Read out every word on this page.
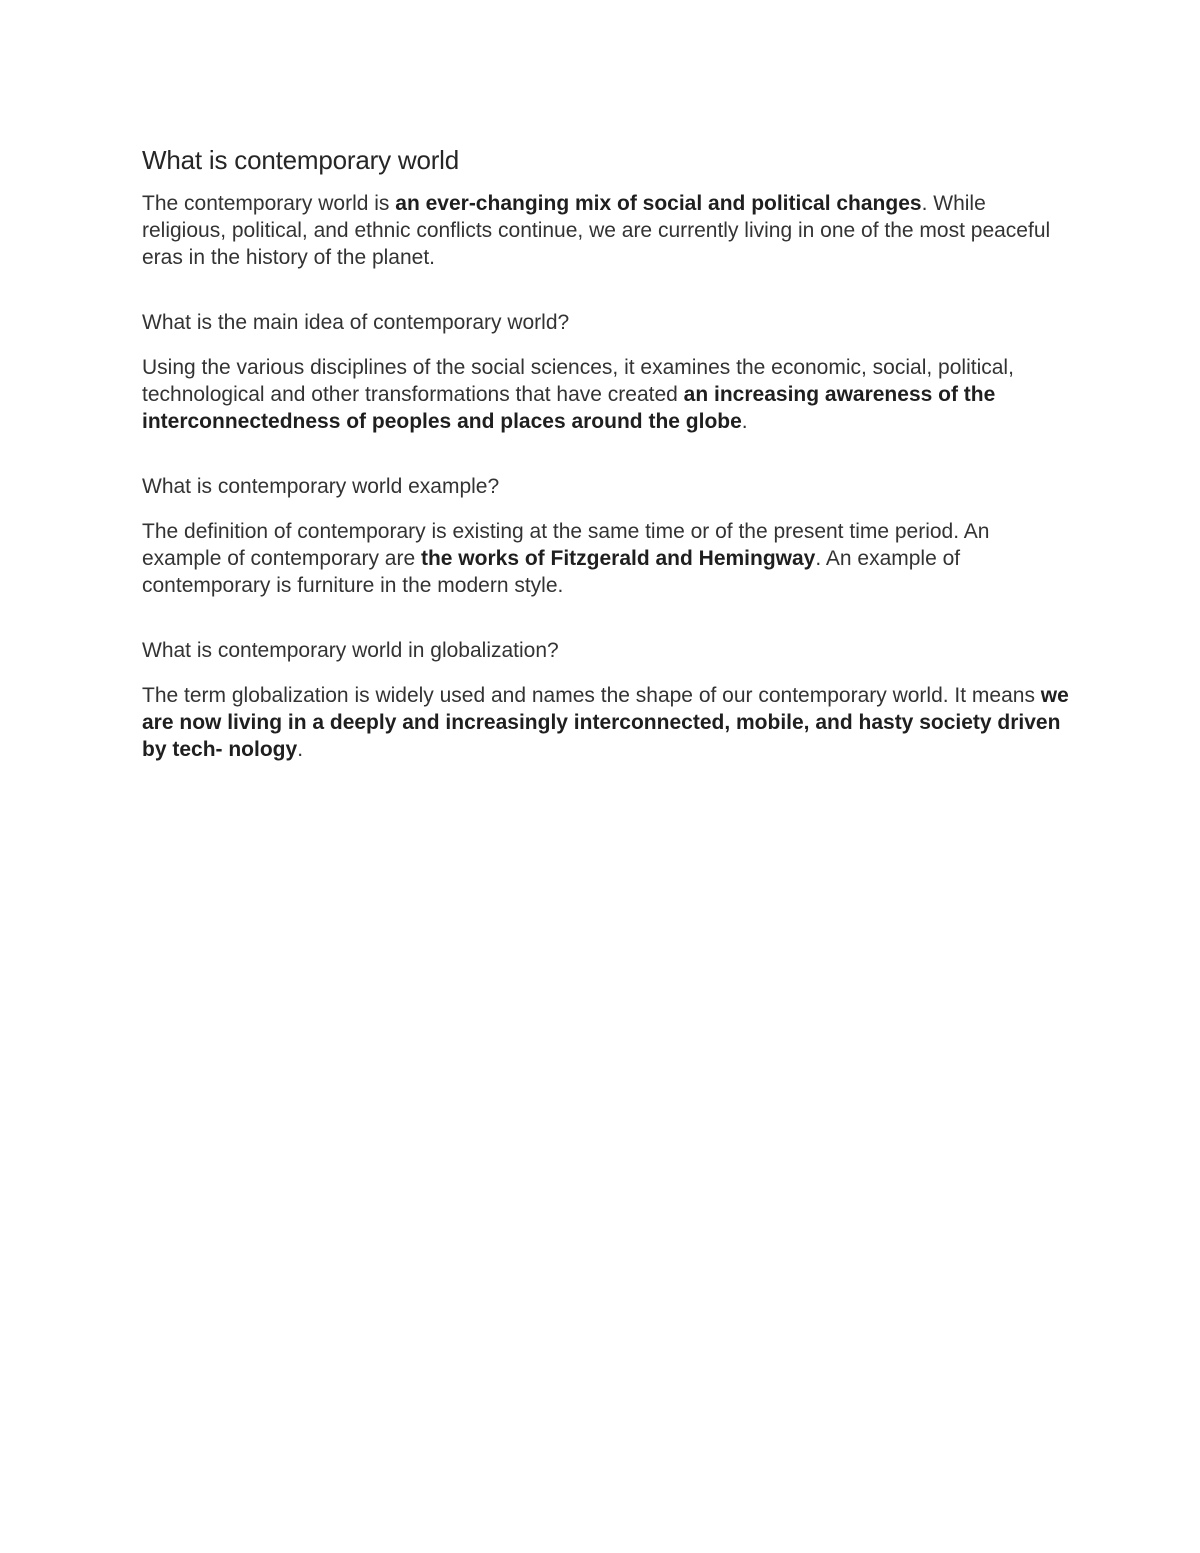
What is contemporary world

The contemporary world is an ever-changing mix of social and political changes. While religious, political, and ethnic conflicts continue, we are currently living in one of the most peaceful eras in the history of the planet.

What is the main idea of contemporary world?

Using the various disciplines of the social sciences, it examines the economic, social, political, technological and other transformations that have created an increasing awareness of the interconnectedness of peoples and places around the globe.

What is contemporary world example?

The definition of contemporary is existing at the same time or of the present time period. An example of contemporary are the works of Fitzgerald and Hemingway. An example of contemporary is furniture in the modern style.

What is contemporary world in globalization?

The term globalization is widely used and names the shape of our contemporary world. It means we are now living in a deeply and increasingly interconnected, mobile, and hasty society driven by tech- nology.
